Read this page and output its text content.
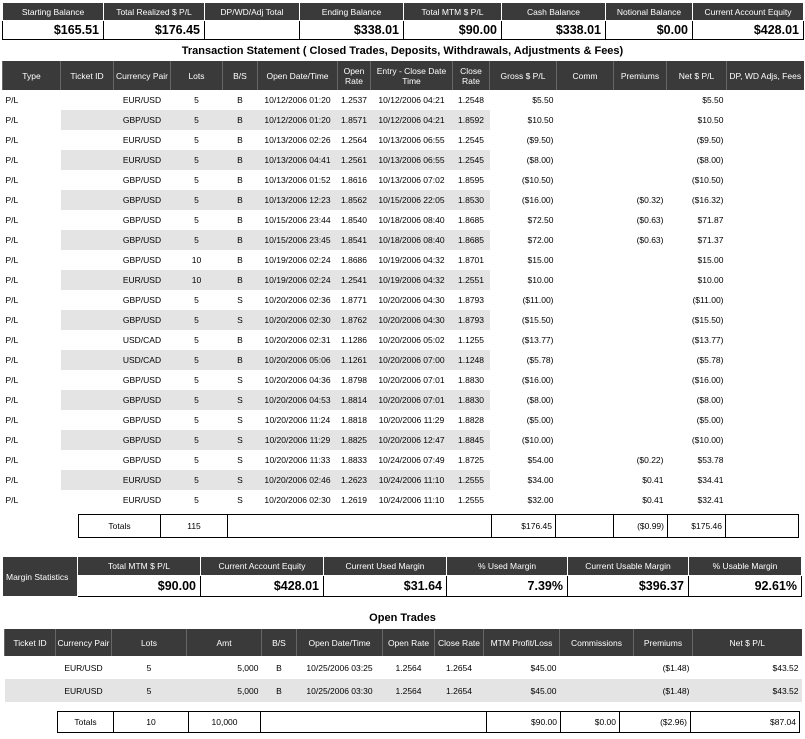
Starting Balance	Total Realized $ P/L	DP/WD/Adj Total	Ending Balance	Total MTM $ P/L	Cash Balance	Notional Balance	Current Account Equity
$165.51	$176.45		$338.01	$90.00	$338.01	$0.00	$428.01
Transaction Statement ( Closed Trades, Deposits, Withdrawals, Adjustments & Fees)
Type	Ticket ID	Currency Pair	Lots	B/S	Open Date/Time	Open Rate	Entry - Close Date Time	Close Rate	Gross $ P/L	Comm	Premiums	Net $ P/L	DP, WD Adjs, Fees
P/L		EUR/USD	5	B	10/12/2006 01:20	1.2537	10/12/2006 04:21	1.2548	$5.50			$5.50	
P/L		GBP/USD	5	B	10/12/2006 01:20	1.8571	10/12/2006 04:21	1.8592	$10.50			$10.50	
P/L		EUR/USD	5	B	10/13/2006 02:26	1.2564	10/13/2006 06:55	1.2545	($9.50)			($9.50)	
P/L		EUR/USD	5	B	10/13/2006 04:41	1.2561	10/13/2006 06:55	1.2545	($8.00)			($8.00)	
P/L		GBP/USD	5	B	10/13/2006 01:52	1.8616	10/13/2006 07:02	1.8595	($10.50)			($10.50)	
P/L		GBP/USD	5	B	10/13/2006 12:23	1.8562	10/15/2006 22:05	1.8530	($16.00)		($0.32)	($16.32)	
P/L		GBP/USD	5	B	10/15/2006 23:44	1.8540	10/18/2006 08:40	1.8685	$72.50		($0.63)	$71.87	
P/L		GBP/USD	5	B	10/15/2006 23:45	1.8541	10/18/2006 08:40	1.8685	$72.00		($0.63)	$71.37	
P/L		GBP/USD	10	B	10/19/2006 02:24	1.8686	10/19/2006 04:32	1.8701	$15.00			$15.00	
P/L		EUR/USD	10	B	10/19/2006 02:24	1.2541	10/19/2006 04:32	1.2551	$10.00			$10.00	
P/L		GBP/USD	5	S	10/20/2006 02:36	1.8771	10/20/2006 04:30	1.8793	($11.00)			($11.00)	
P/L		GBP/USD	5	S	10/20/2006 02:30	1.8762	10/20/2006 04:30	1.8793	($15.50)			($15.50)	
P/L		USD/CAD	5	B	10/20/2006 02:31	1.1286	10/20/2006 05:02	1.1255	($13.77)			($13.77)	
P/L		USD/CAD	5	B	10/20/2006 05:06	1.1261	10/20/2006 07:00	1.1248	($5.78)			($5.78)	
P/L		GBP/USD	5	S	10/20/2006 04:36	1.8798	10/20/2006 07:01	1.8830	($16.00)			($16.00)	
P/L		GBP/USD	5	S	10/20/2006 04:53	1.8814	10/20/2006 07:01	1.8830	($8.00)			($8.00)	
P/L		GBP/USD	5	S	10/20/2006 11:24	1.8818	10/20/2006 11:29	1.8828	($5.00)			($5.00)	
P/L		GBP/USD	5	S	10/20/2006 11:29	1.8825	10/20/2006 12:47	1.8845	($10.00)			($10.00)	
P/L		GBP/USD	5	S	10/20/2006 11:33	1.8833	10/24/2006 07:49	1.8725	$54.00		($0.22)	$53.78	
P/L		EUR/USD	5	S	10/20/2006 02:46	1.2623	10/24/2006 11:10	1.2555	$34.00		$0.41	$34.41	
P/L		EUR/USD	5	S	10/20/2006 02:30	1.2619	10/24/2006 11:10	1.2555	$32.00		$0.41	$32.41	
Totals	115		$176.45		($0.99)	$175.46	
Margin Statistics	Total MTM $ P/L	Current Account Equity	Current Used Margin	% Used Margin	Current Usable Margin	% Usable Margin
	$90.00	$428.01	$31.64	7.39%	$396.37	92.61%
Open Trades
Ticket ID	Currency Pair	Lots	Amt	B/S	Open Date/Time	Open Rate	Close Rate	MTM Profit/Loss	Commissions	Premiums	Net $ P/L
	EUR/USD	5	5,000	B	10/25/2006 03:25	1.2564	1.2654	$45.00		($1.48)	$43.52
	EUR/USD	5	5,000	B	10/25/2006 03:30	1.2564	1.2654	$45.00		($1.48)	$43.52
Totals	10	10,000		$90.00	$0.00	($2.96)	$87.04
